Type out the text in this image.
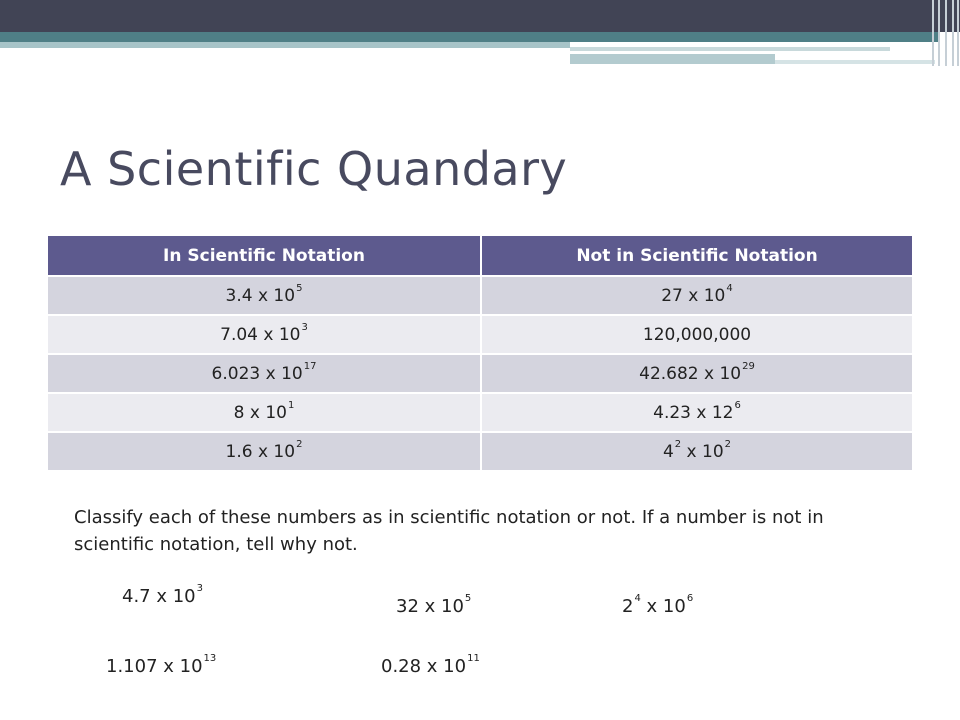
A Scientific Quandary
In Scientific Notation	Not in Scientific Notation
3.4 x $10^5$	27 x $10^4$
7.04 x $10^3$	120,000,000
6.023 x $10^{17}$	42.682 x $10^{29}$
8 x $10^1$	4.23 x $12^6$
1.6 x $10^2$	$4^2$ x $10^2$

Classify each of these numbers as in scientific notation or not. If a number is not in scientific notation, tell why not.

4.7 x $10^3$
32 x $10^5$	$2^4$ x $10^6$
1.107 x $10^{13}$	0.28 x $10^{11}$
